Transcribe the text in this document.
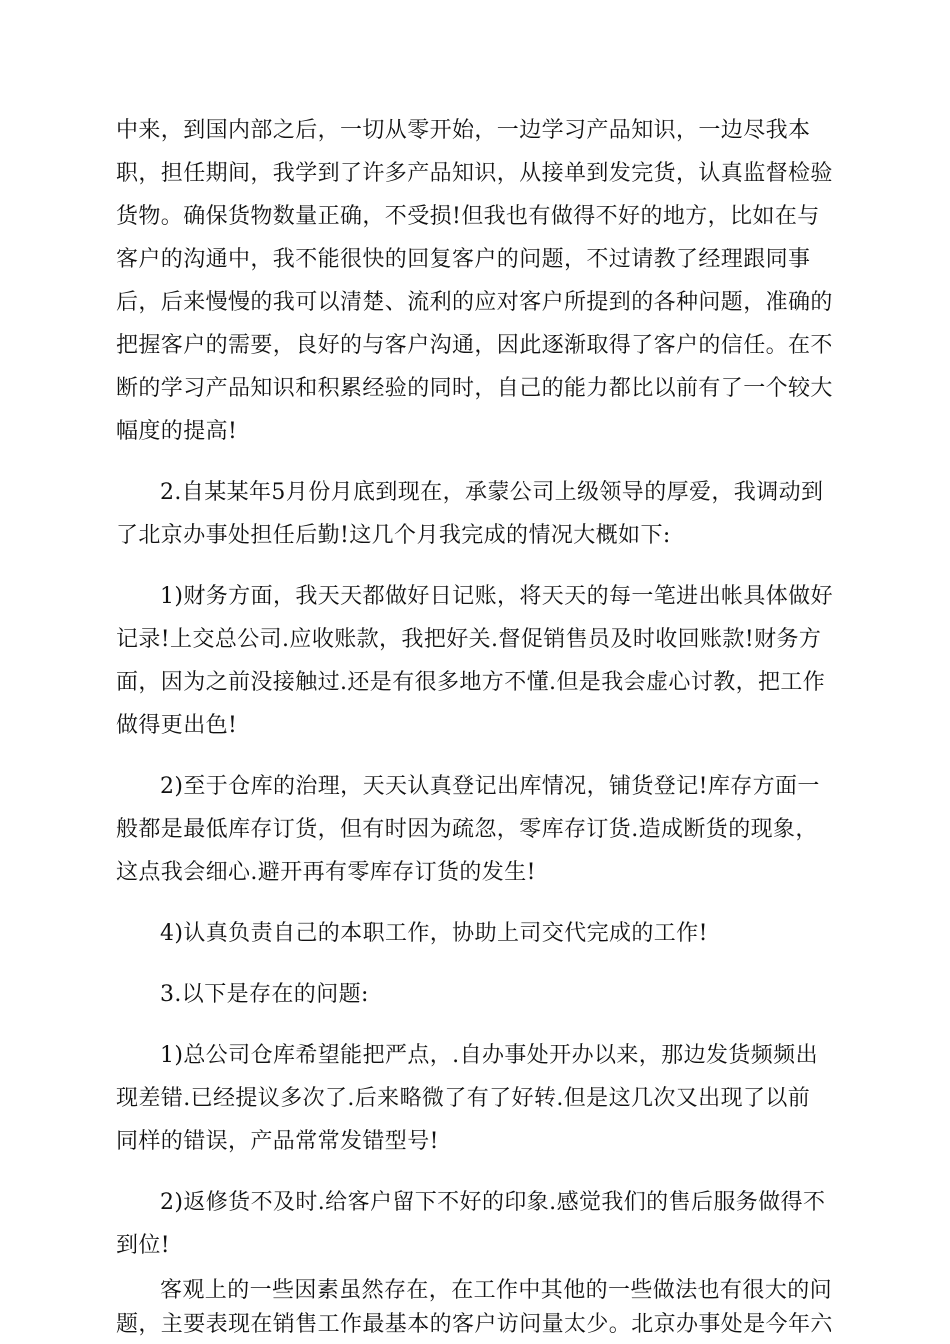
中来，到国内部之后，一切从零开始，一边学习产品知识，一边尽我本

职，担任期间，我学到了许多产品知识，从接单到发完货，认真监督检验

货物。确保货物数量正确，不受损!但我也有做得不好的地方，比如在与

客户的沟通中，我不能很快的回复客户的问题，不过请教了经理跟同事

后，后来慢慢的我可以清楚、流利的应对客户所提到的各种问题，准确的

把握客户的需要，良好的与客户沟通，因此逐渐取得了客户的信任。在不

断的学习产品知识和积累经验的同时，自己的能力都比以前有了一个较大

幅度的提高!

2.自某某年5月份月底到现在，承蒙公司上级领导的厚爱，我调动到

了北京办事处担任后勤!这几个月我完成的情况大概如下:

1)财务方面，我天天都做好日记账，将天天的每一笔进出帐具体做好

记录!上交总公司.应收账款，我把好关.督促销售员及时收回账款!财务方

面，因为之前没接触过.还是有很多地方不懂.但是我会虚心讨教，把工作

做得更出色!

2)至于仓库的治理，天天认真登记出库情况，铺货登记!库存方面一

般都是最低库存订货，但有时因为疏忽，零库存订货.造成断货的现象，

这点我会细心.避开再有零库存订货的发生!

4)认真负责自己的本职工作，协助上司交代完成的工作!

3.以下是存在的问题:

1)总公司仓库希望能把严点，.自办事处开办以来，那边发货频频出

现差错.已经提议多次了.后来略微了有了好转.但是这几次又出现了以前

同样的错误，产品常常发错型号!

2)返修货不及时.给客户留下不好的印象.感觉我们的售后服务做得不

到位!

客观上的一些因素虽然存在，在工作中其他的一些做法也有很大的问

题，主要表现在销售工作最基本的客户访问量太少。北京办事处是今年六
